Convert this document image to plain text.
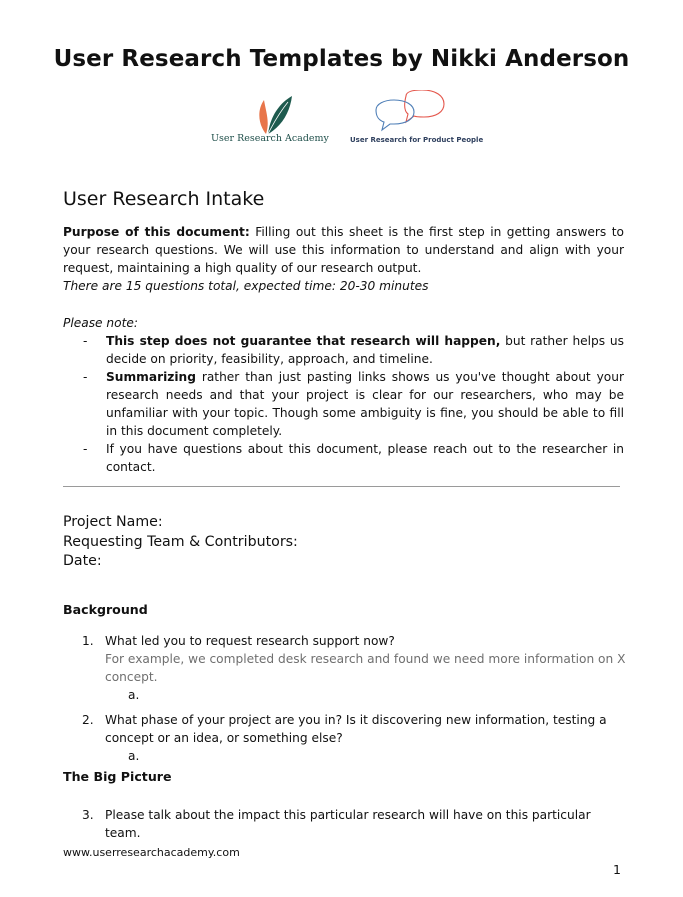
User Research Templates by Nikki Anderson
User Research Academy	User Research for Product People
User Research Intake
Purpose of this document: Filling out this sheet is the first step in getting answers to your research questions. We will use this information to understand and align with your request, maintaining a high quality of our research output.
There are 15 questions total, expected time: 20-30 minutes
Please note:
- This step does not guarantee that research will happen, but rather helps us decide on priority, feasibility, approach, and timeline.
- Summarizing rather than just pasting links shows us you've thought about your research needs and that your project is clear for our researchers, who may be unfamiliar with your topic. Though some ambiguity is fine, you should be able to fill in this document completely.
- If you have questions about this document, please reach out to the researcher in contact.
Project Name:
Requesting Team & Contributors:
Date:
Background
1. What led you to request research support now?
For example, we completed desk research and found we need more information on X concept.
a.
2. What phase of your project are you in? Is it discovering new information, testing a concept or an idea, or something else?
a.
The Big Picture
3. Please talk about the impact this particular research will have on this particular team.
www.userresearchacademy.com
1
